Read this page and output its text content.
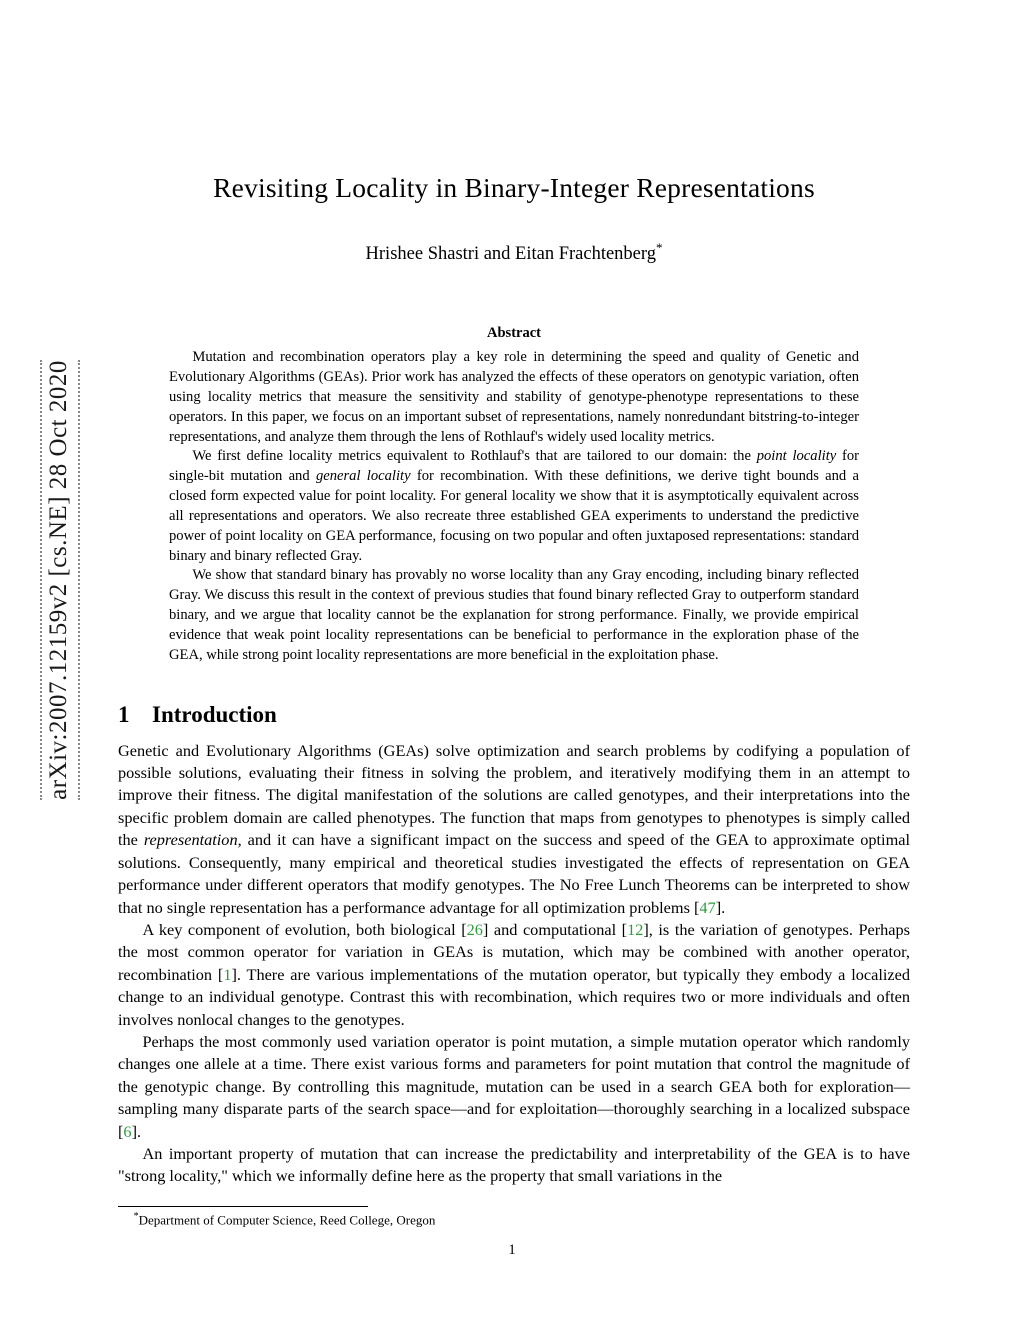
arXiv:2007.12159v2 [cs.NE] 28 Oct 2020
Revisiting Locality in Binary-Integer Representations
Hrishee Shastri and Eitan Frachtenberg*
Abstract

Mutation and recombination operators play a key role in determining the speed and quality of Genetic and Evolutionary Algorithms (GEAs). Prior work has analyzed the effects of these operators on genotypic variation, often using locality metrics that measure the sensitivity and stability of genotype-phenotype representations to these operators. In this paper, we focus on an important subset of representations, namely nonredundant bitstring-to-integer representations, and analyze them through the lens of Rothlauf's widely used locality metrics.

We first define locality metrics equivalent to Rothlauf's that are tailored to our domain: the point locality for single-bit mutation and general locality for recombination. With these definitions, we derive tight bounds and a closed form expected value for point locality. For general locality we show that it is asymptotically equivalent across all representations and operators. We also recreate three established GEA experiments to understand the predictive power of point locality on GEA performance, focusing on two popular and often juxtaposed representations: standard binary and binary reflected Gray.

We show that standard binary has provably no worse locality than any Gray encoding, including binary reflected Gray. We discuss this result in the context of previous studies that found binary reflected Gray to outperform standard binary, and we argue that locality cannot be the explanation for strong performance. Finally, we provide empirical evidence that weak point locality representations can be beneficial to performance in the exploration phase of the GEA, while strong point locality representations are more beneficial in the exploitation phase.

1 Introduction

Genetic and Evolutionary Algorithms (GEAs) solve optimization and search problems by codifying a population of possible solutions, evaluating their fitness in solving the problem, and iteratively modifying them in an attempt to improve their fitness. The digital manifestation of the solutions are called genotypes, and their interpretations into the specific problem domain are called phenotypes. The function that maps from genotypes to phenotypes is simply called the representation, and it can have a significant impact on the success and speed of the GEA to approximate optimal solutions. Consequently, many empirical and theoretical studies investigated the effects of representation on GEA performance under different operators that modify genotypes. The No Free Lunch Theorems can be interpreted to show that no single representation has a performance advantage for all optimization problems [47].

A key component of evolution, both biological [26] and computational [12], is the variation of genotypes. Perhaps the most common operator for variation in GEAs is mutation, which may be combined with another operator, recombination [1]. There are various implementations of the mutation operator, but typically they embody a localized change to an individual genotype. Contrast this with recombination, which requires two or more individuals and often involves nonlocal changes to the genotypes.

Perhaps the most commonly used variation operator is point mutation, a simple mutation operator which randomly changes one allele at a time. There exist various forms and parameters for point mutation that control the magnitude of the genotypic change. By controlling this magnitude, mutation can be used in a search GEA both for exploration—sampling many disparate parts of the search space—and for exploitation—thoroughly searching in a localized subspace [6].

An important property of mutation that can increase the predictability and interpretability of the GEA is to have "strong locality," which we informally define here as the property that small variations in the

*Department of Computer Science, Reed College, Oregon
1
